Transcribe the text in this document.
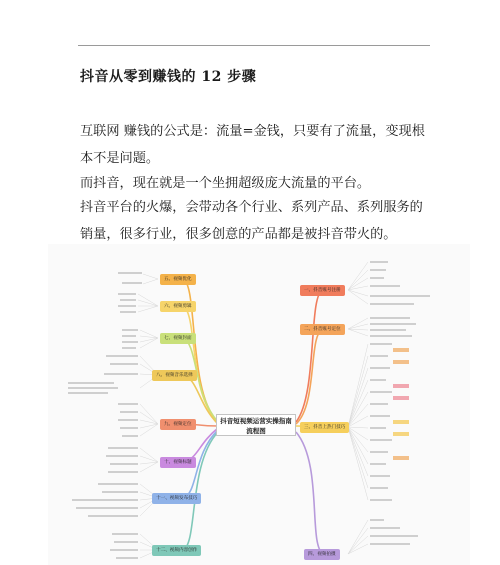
抖音从零到赚钱的 12 步骤
互联网 赚钱的公式是：流量=金钱，只要有了流量，变现根本不是问题。
而抖音，现在就是一个坐拥超级庞大流量的平台。
抖音平台的火爆，会带动各个行业、系列产品、系列服务的销量，很多行业，很多创意的产品都是被抖音带火的。
抖音短视频运营实操指南流程图
五、视频优化
六、视频剪辑
七、视频封面
八、视频音乐选择
九、视频定位
十、视频标题
十一、视频发布技巧
十二、视频内容创作
一、抖音账号注册
二、抖音账号定位
三、抖音上热门技巧
四、视频拍摄
